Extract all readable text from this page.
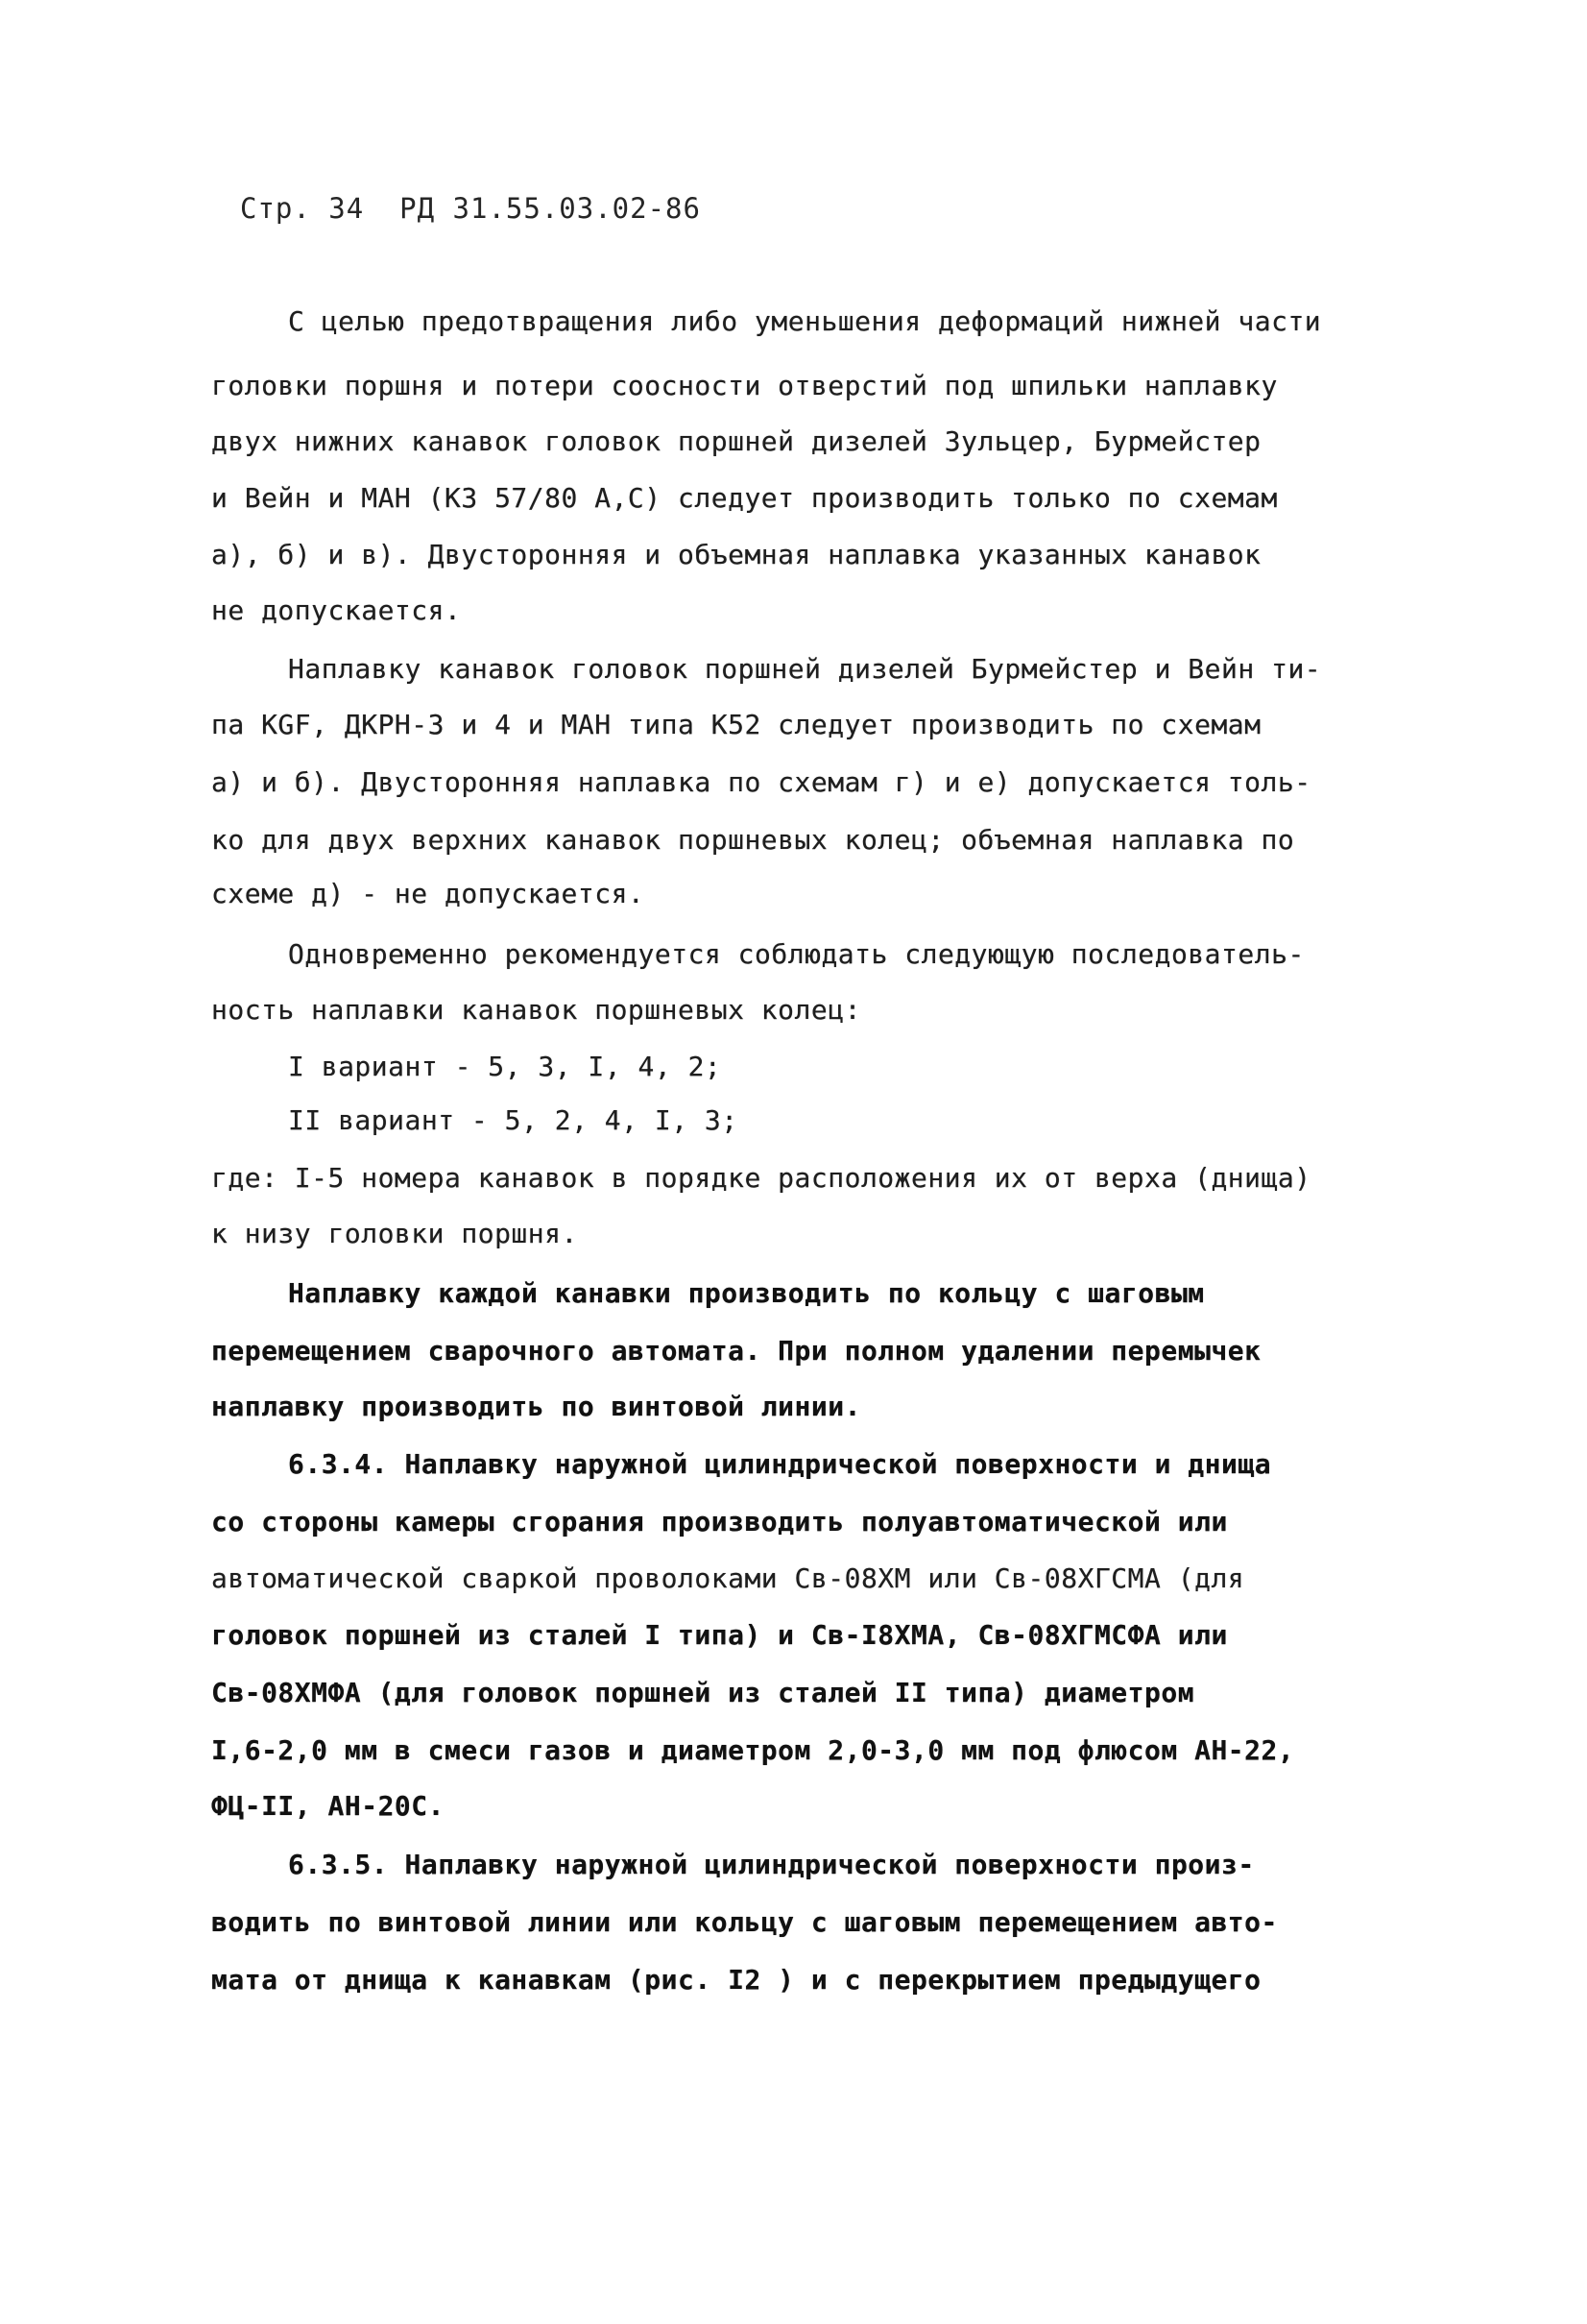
Стр. 34 РД 31.55.03.02-86
С целью предотвращения либо уменьшения деформаций нижней части
головки поршня и потери соосности отверстий под шпильки наплавку
двух нижних канавок головок поршней дизелей Зульцер, Бурмейстер
и Вейн и МАН (КЗ 57/80 А,С) следует производить только по схемам
а), б) и в). Двусторонняя и объемная наплавка указанных канавок
не допускается.
Наплавку канавок головок поршней дизелей Бурмейстер и Вейн ти-
па КGF, ДКРН-3 и 4 и МАН типа К52 следует производить по схемам
а) и б). Двусторонняя наплавка по схемам г) и е) допускается толь-
ко для двух верхних канавок поршневых колец; объемная наплавка по
схеме д) - не допускается.
Одновременно рекомендуется соблюдать следующую последователь-
ность наплавки канавок поршневых колец:
I вариант - 5, 3, I, 4, 2;
II вариант - 5, 2, 4, I, 3;
где: I-5 номера канавок в порядке расположения их от верха (днища)
к низу головки поршня.
Наплавку каждой канавки производить по кольцу с шаговым
перемещением сварочного автомата. При полном удалении перемычек
наплавку производить по винтовой линии.
6.3.4. Наплавку наружной цилиндрической поверхности и днища
со стороны камеры сгорания производить полуавтоматической или
автоматической сваркой проволоками Св-08ХМ или Св-08ХГСМА (для
головок поршней из сталей I типа) и Св-I8ХМА, Св-08ХГМСФА или
Св-08ХМФА (для головок поршней из сталей II типа) диаметром
I,6-2,0 мм в смеси газов и диаметром 2,0-3,0 мм под флюсом АН-22,
ФЦ-II, АН-20С.
6.3.5. Наплавку наружной цилиндрической поверхности произ-
водить по винтовой линии или кольцу с шаговым перемещением авто-
мата от днища к канавкам (рис. I2 ) и с перекрытием предыдущего
